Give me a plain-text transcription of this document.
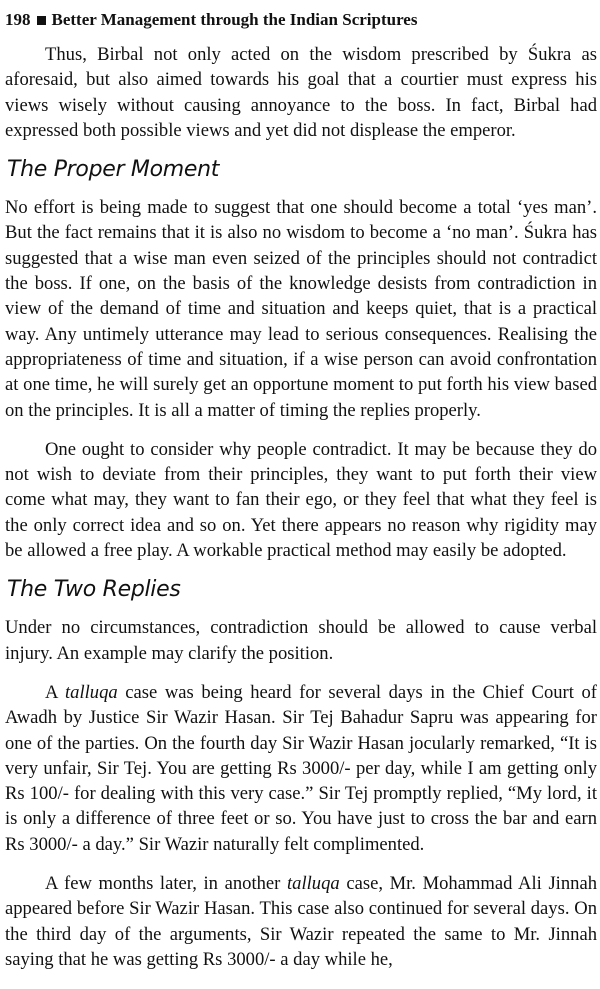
198 Better Management through the Indian Scriptures

Thus, Birbal not only acted on the wisdom prescribed by Śukra as aforesaid, but also aimed towards his goal that a courtier must express his views wisely without causing annoyance to the boss. In fact, Birbal had expressed both possible views and yet did not displease the emperor.

The Proper Moment

No effort is being made to suggest that one should become a total ‘yes man’. But the fact remains that it is also no wisdom to become a ‘no man’. Śukra has suggested that a wise man even seized of the principles should not contradict the boss. If one, on the basis of the knowledge desists from contradiction in view of the demand of time and situation and keeps quiet, that is a practical way. Any untimely utterance may lead to serious consequences. Realising the appropriateness of time and situation, if a wise person can avoid confrontation at one time, he will surely get an opportune moment to put forth his view based on the principles. It is all a matter of timing the replies properly.

One ought to consider why people contradict. It may be because they do not wish to deviate from their principles, they want to put forth their view come what may, they want to fan their ego, or they feel that what they feel is the only correct idea and so on. Yet there appears no reason why rigidity may be allowed a free play. A workable practical method may easily be adopted.

The Two Replies

Under no circumstances, contradiction should be allowed to cause verbal injury. An example may clarify the position.

A talluqa case was being heard for several days in the Chief Court of Awadh by Justice Sir Wazir Hasan. Sir Tej Bahadur Sapru was appearing for one of the parties. On the fourth day Sir Wazir Hasan jocularly remarked, “It is very unfair, Sir Tej. You are getting Rs 3000/- per day, while I am getting only Rs 100/- for dealing with this very case.” Sir Tej promptly replied, “My lord, it is only a difference of three feet or so. You have just to cross the bar and earn Rs 3000/- a day.” Sir Wazir naturally felt complimented.

A few months later, in another talluqa case, Mr. Mohammad Ali Jinnah appeared before Sir Wazir Hasan. This case also continued for several days. On the third day of the arguments, Sir Wazir repeated the same to Mr. Jinnah saying that he was getting Rs 3000/- a day while he,
